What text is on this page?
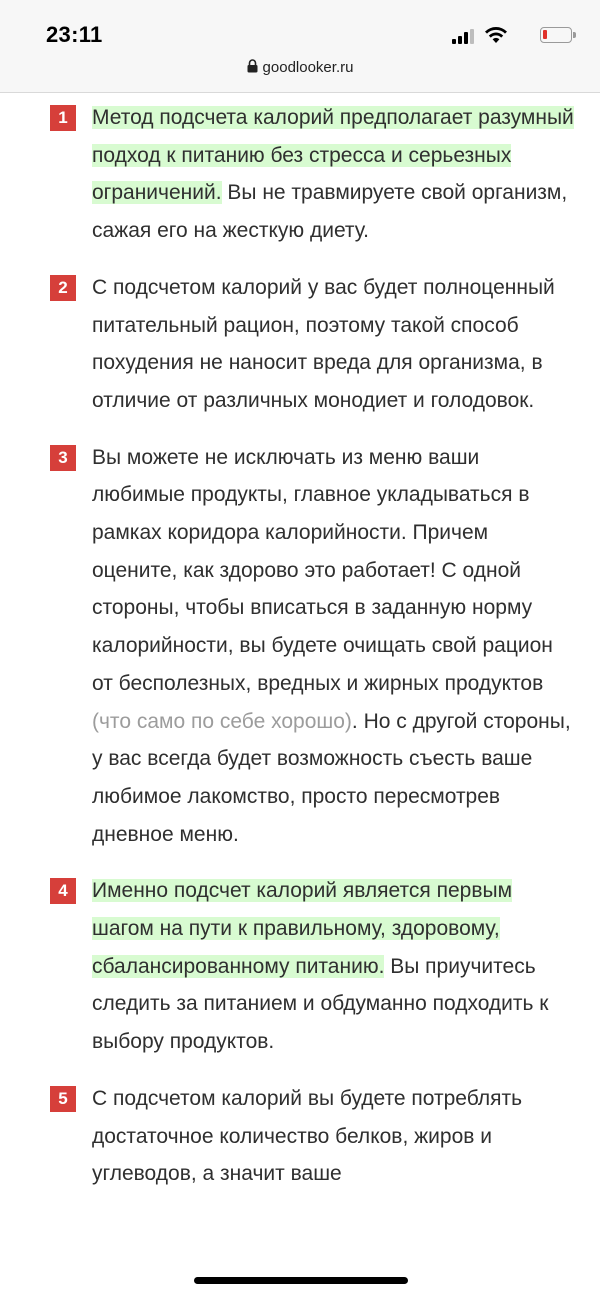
23:11
goodlooker.ru
1	Метод подсчета калорий предполагает разумный подход к питанию без стресса и серьезных ограничений. Вы не травмируете свой организм, сажая его на жесткую диету.

2	С подсчетом калорий у вас будет полноценный питательный рацион, поэтому такой способ похудения не наносит вреда для организма, в отличие от различных монодиет и голодовок.

3	Вы можете не исключать из меню ваши любимые продукты, главное укладываться в рамках коридора калорийности. Причем оцените, как здорово это работает! С одной стороны, чтобы вписаться в заданную норму калорийности, вы будете очищать свой рацион от бесполезных, вредных и жирных продуктов (что само по себе хорошо). Но с другой стороны, у вас всегда будет возможность съесть ваше любимое лакомство, просто пересмотрев дневное меню.

4	Именно подсчет калорий является первым шагом на пути к правильному, здоровому, сбалансированному питанию. Вы приучитесь следить за питанием и обдуманно подходить к выбору продуктов.

5	С подсчетом калорий вы будете потреблять достаточное количество белков, жиров и углеводов, а значит ваше
